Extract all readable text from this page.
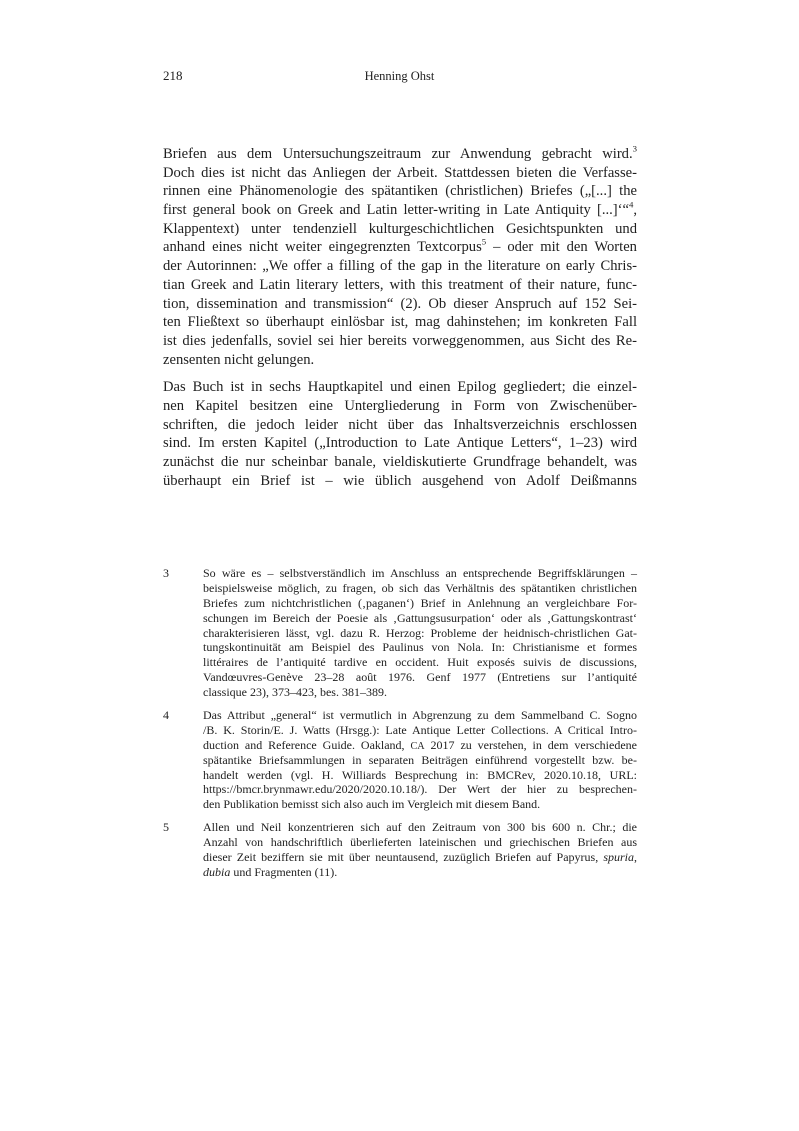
218	Henning Ohst
Briefen aus dem Untersuchungszeitraum zur Anwendung gebracht wird.$^3$
Doch dies ist nicht das Anliegen der Arbeit. Stattdessen bieten die Verfasse-
rinnen eine Phänomenologie des spätantiken (christlichen) Briefes („[...] the
first general book on Greek and Latin letter-writing in Late Antiquity [...]‘“$^4$,
Klappentext) unter tendenziell kulturgeschichtlichen Gesichtspunkten und
anhand eines nicht weiter eingegrenzten Textcorpus$^5$ – oder mit den Worten
der Autorinnen: „We offer a filling of the gap in the literature on early Chris-
tian Greek and Latin literary letters, with this treatment of their nature, func-
tion, dissemination and transmission“ (2). Ob dieser Anspruch auf 152 Sei-
ten Fließtext so überhaupt einlösbar ist, mag dahinstehen; im konkreten Fall
ist dies jedenfalls, soviel sei hier bereits vorweggenommen, aus Sicht des Re-
zensenten nicht gelungen.
Das Buch ist in sechs Hauptkapitel und einen Epilog gegliedert; die einzel-
nen Kapitel besitzen eine Untergliederung in Form von Zwischenüber-
schriften, die jedoch leider nicht über das Inhaltsverzeichnis erschlossen
sind. Im ersten Kapitel („Introduction to Late Antique Letters“, 1–23) wird
zunächst die nur scheinbar banale, vieldiskutierte Grundfrage behandelt, was
überhaupt ein Brief ist – wie üblich ausgehend von Adolf Deißmanns
3	So wäre es – selbstverständlich im Anschluss an entsprechende Begriffsklärungen –
beispielsweise möglich, zu fragen, ob sich das Verhältnis des spätantiken christlichen
Briefes zum nichtchristlichen (‚paganen‘) Brief in Anlehnung an vergleichbare For-
schungen im Bereich der Poesie als ‚Gattungsusurpation‘ oder als ‚Gattungskontrast‘
charakterisieren lässt, vgl. dazu R. Herzog: Probleme der heidnisch-christlichen Gat-
tungskontinuität am Beispiel des Paulinus von Nola. In: Christianisme et formes
littéraires de l’antiquité tardive en occident. Huit exposés suivis de discussions,
Vandœuvres-Genève 23–28 août 1976. Genf 1977 (Entretiens sur l’antiquité
classique 23), 373–423, bes. 381–389.
4	Das Attribut „general“ ist vermutlich in Abgrenzung zu dem Sammelband C. Sogno
/B. K. Storin/E. J. Watts (Hrsgg.): Late Antique Letter Collections. A Critical Intro-
duction and Reference Guide. Oakland, CA 2017 zu verstehen, in dem verschiedene
spätantike Briefsammlungen in separaten Beiträgen einführend vorgestellt bzw. be-
handelt werden (vgl. H. Williards Besprechung in: BMCRev, 2020.10.18, URL:
https://bmcr.brynmawr.edu/2020/2020.10.18/). Der Wert der hier zu besprechen-
den Publikation bemisst sich also auch im Vergleich mit diesem Band.
5	Allen und Neil konzentrieren sich auf den Zeitraum von 300 bis 600 n. Chr.; die
Anzahl von handschriftlich überlieferten lateinischen und griechischen Briefen aus
dieser Zeit beziffern sie mit über neuntausend, zuzüglich Briefen auf Papyrus, spuria,
dubia und Fragmenten (11).
